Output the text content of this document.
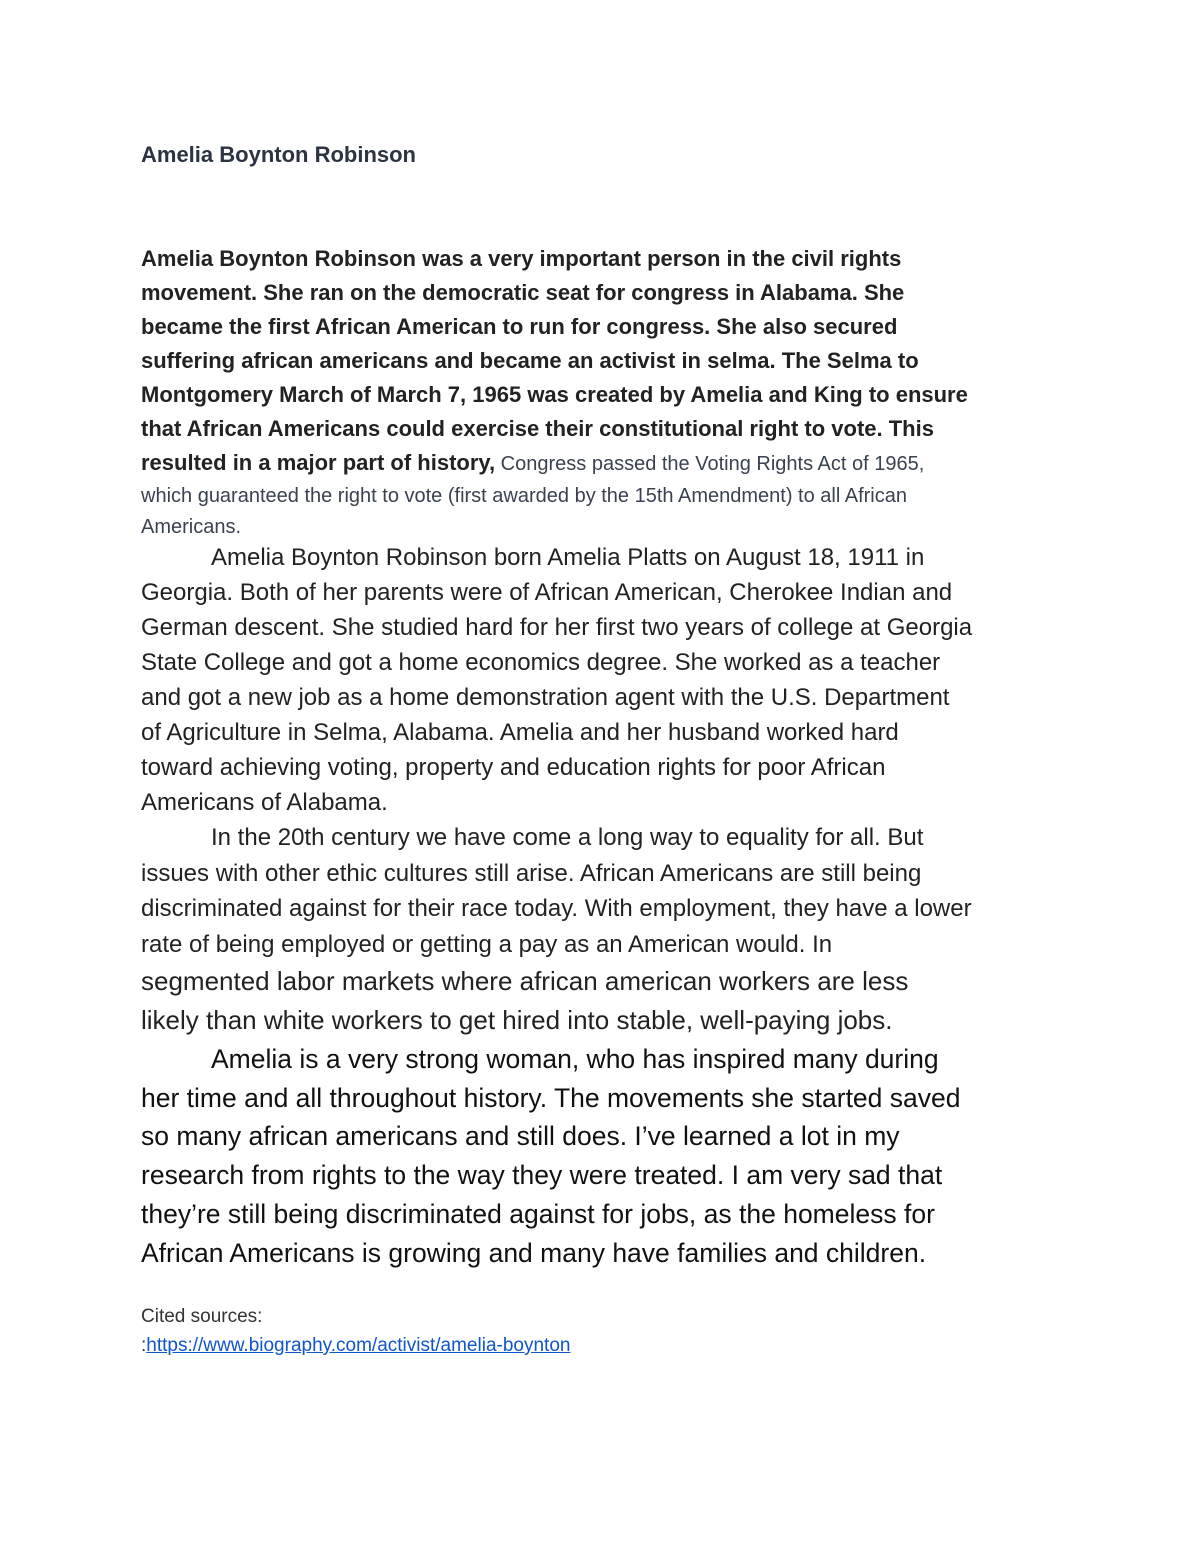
Amelia Boynton Robinson

Amelia Boynton Robinson was a very important person in the civil rights
movement. She ran on the democratic seat for congress in Alabama. She
became the first African American to run for congress. She also secured
suffering african americans and became an activist in selma. The Selma to
Montgomery March of March 7, 1965 was created by Amelia and King to ensure
that African Americans could exercise their constitutional right to vote. This
resulted in a major part of history, Congress passed the Voting Rights Act of 1965,
which guaranteed the right to vote (first awarded by the 15th Amendment) to all African
Americans.

Amelia Boynton Robinson born Amelia Platts on August 18, 1911 in
Georgia. Both of her parents were of African American, Cherokee Indian and
German descent. She studied hard for her first two years of college at Georgia
State College and got a home economics degree. She worked as a teacher
and got a new job as a home demonstration agent with the U.S. Department
of Agriculture in Selma, Alabama. Amelia and her husband worked hard
toward achieving voting, property and education rights for poor African
Americans of Alabama.

In the 20th century we have come a long way to equality for all. But
issues with other ethic cultures still arise. African Americans are still being
discriminated against for their race today. With employment, they have a lower
rate of being employed or getting a pay as an American would. In
segmented labor markets where african american workers are less
likely than white workers to get hired into stable, well-paying jobs.

Amelia is a very strong woman, who has inspired many during
her time and all throughout history. The movements she started saved
so many african americans and still does. I’ve learned a lot in my
research from rights to the way they were treated. I am very sad that
they’re still being discriminated against for jobs, as the homeless for
African Americans is growing and many have families and children.

Cited sources:
:https://www.biography.com/activist/amelia-boynton
